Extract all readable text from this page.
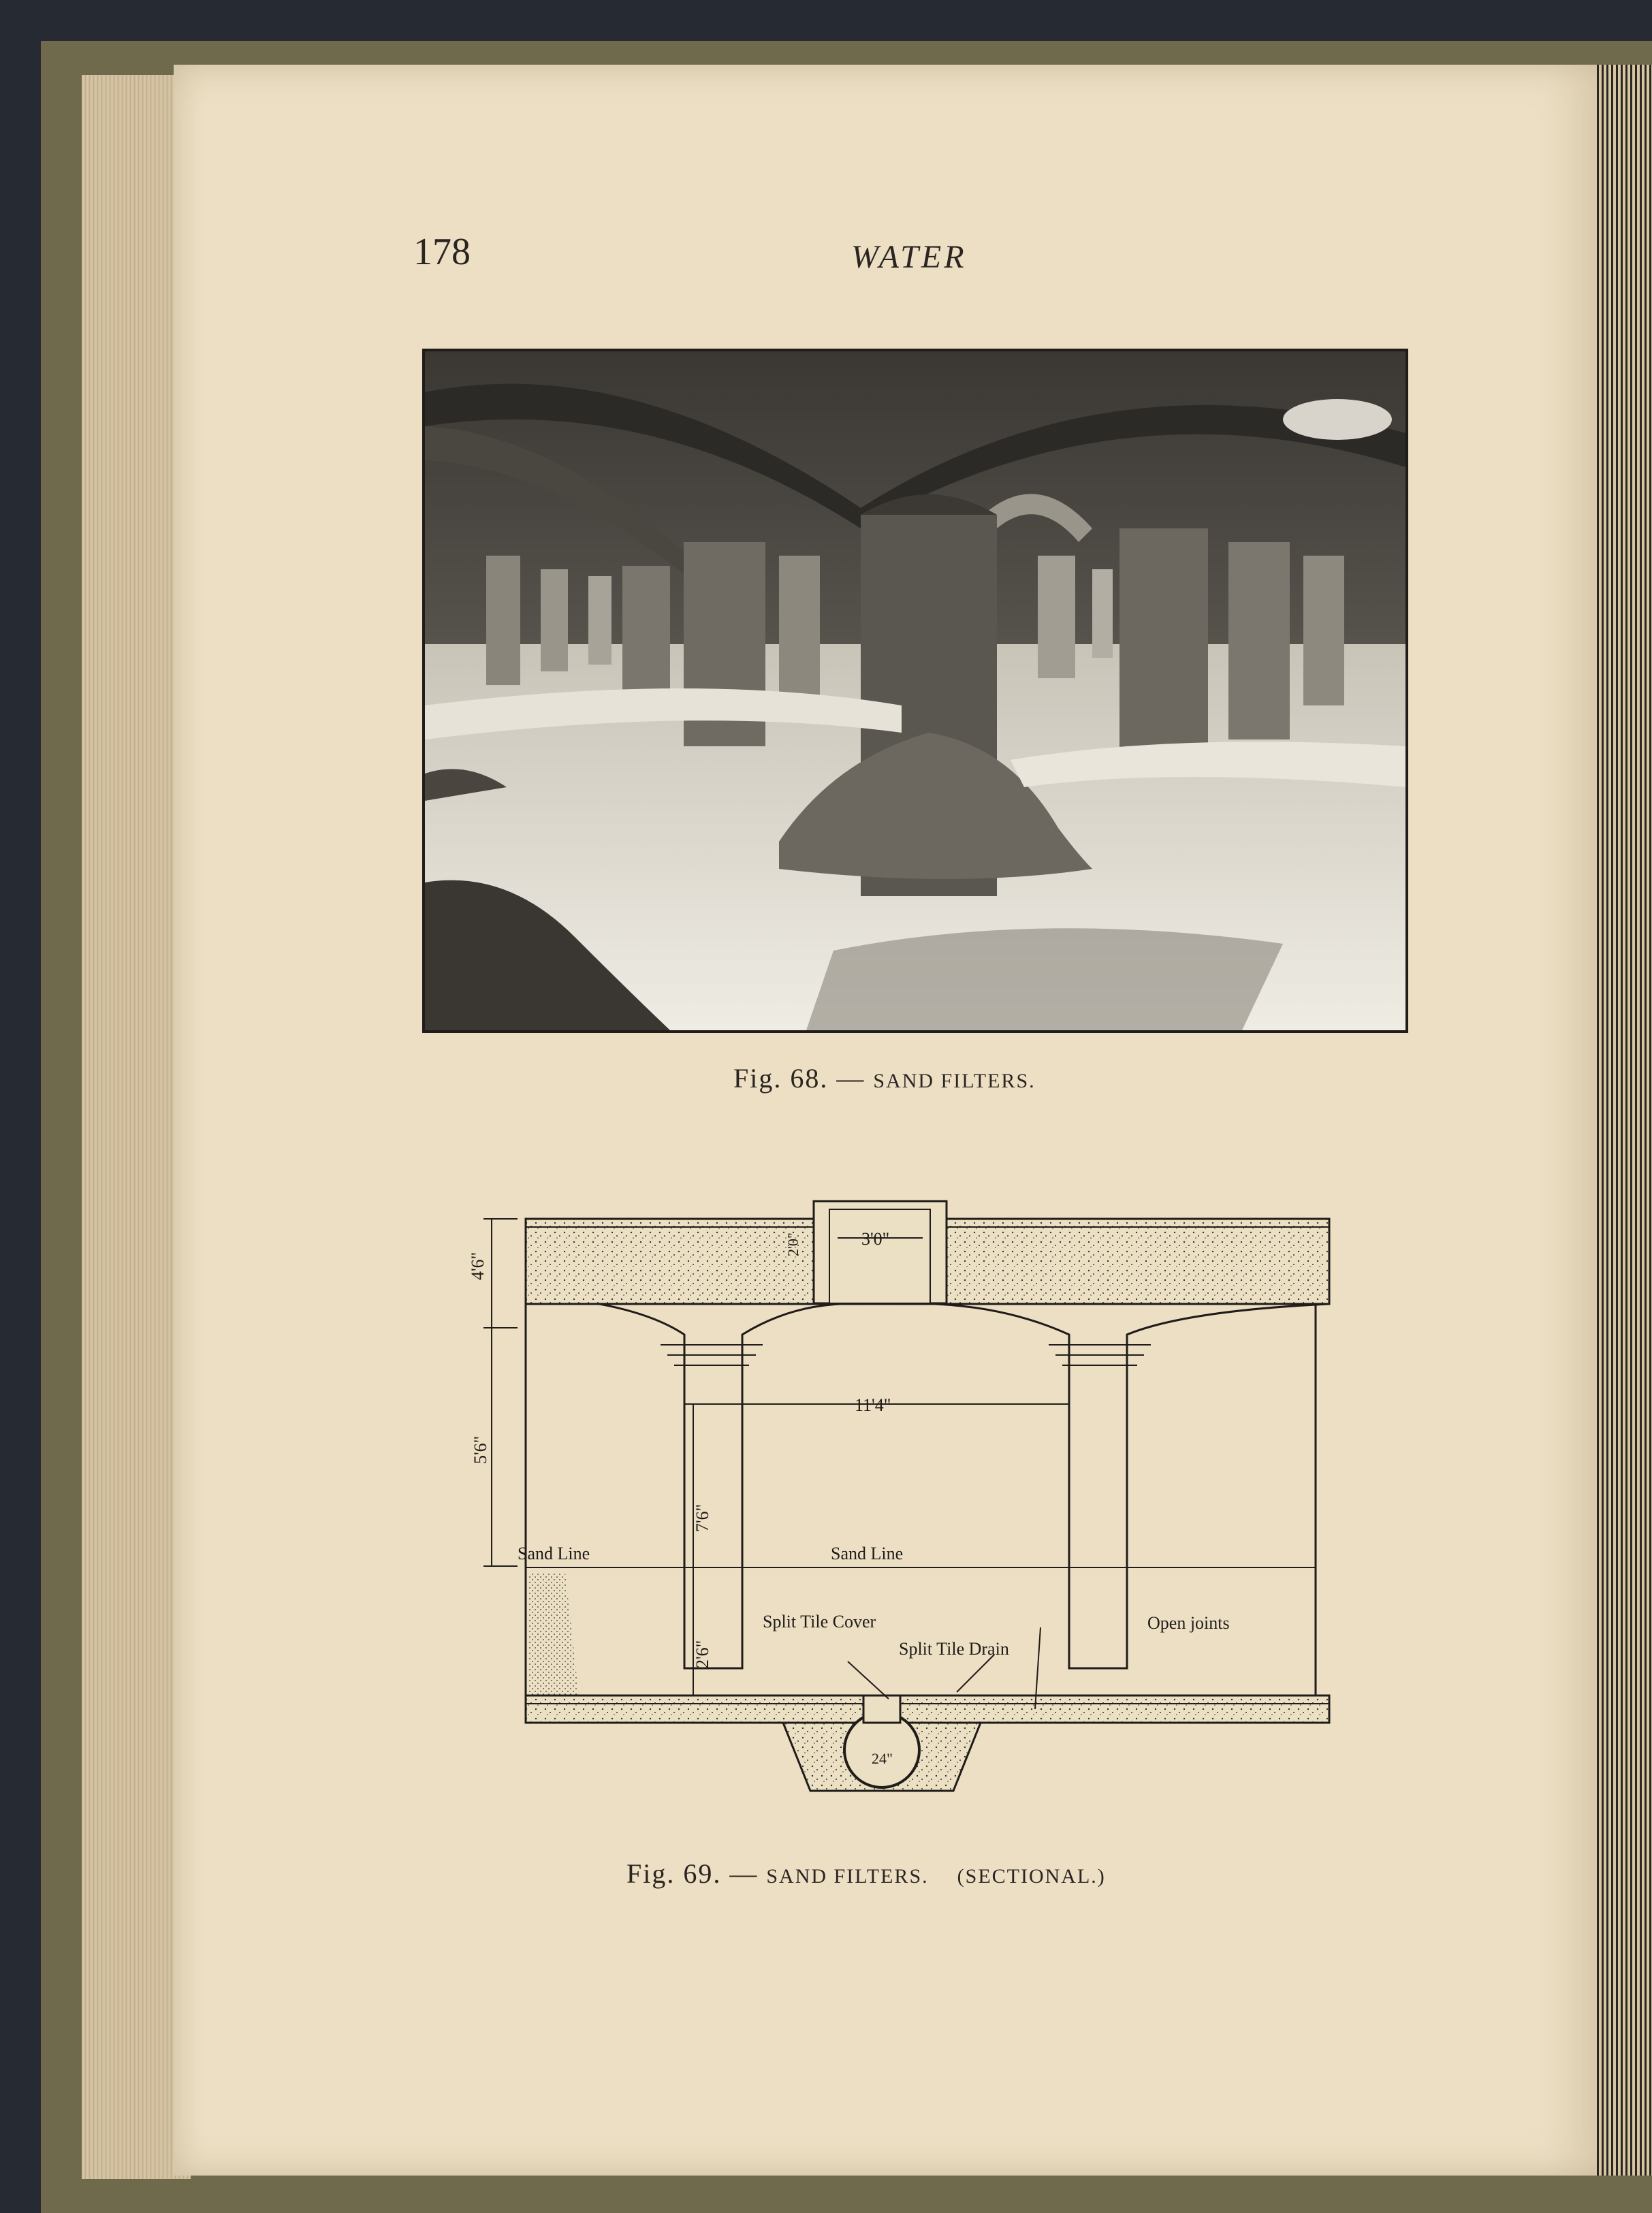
178	WATER
Fig. 68. — SAND FILTERS.
4'6"
5'6"
2'0"	3'0"
11'4"
7'6"
2'6"
24"
Sand Line	Sand Line
Split Tile Cover
Split Tile Drain
Open joints
Fig. 69. — SAND FILTERS. (SECTIONAL.)
